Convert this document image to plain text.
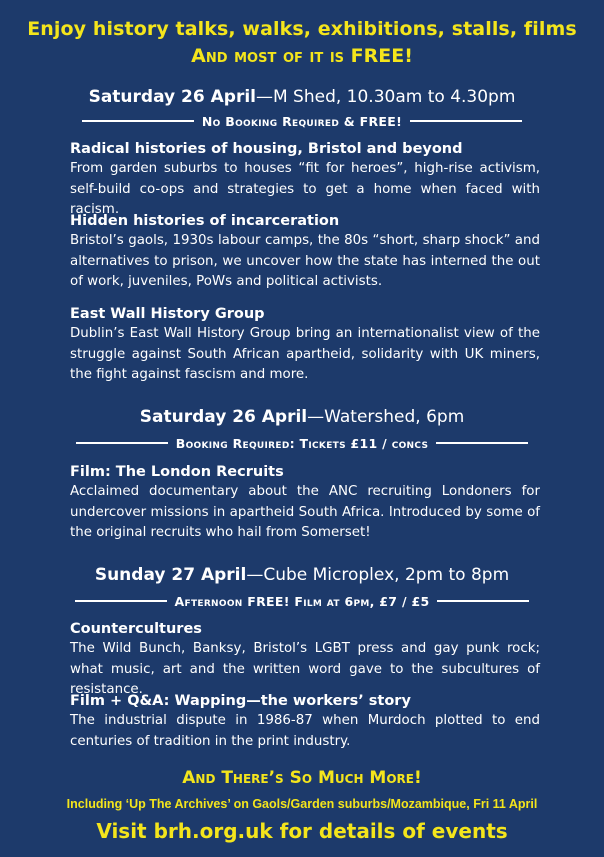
Enjoy history talks, walks, exhibitions, stalls, films
And most of it is FREE!
Saturday 26 April—M Shed, 10.30am to 4.30pm
No Booking Required & FREE!
Radical histories of housing, Bristol and beyond
From garden suburbs to houses “fit for heroes”, high-rise activism, self-build co-ops and strategies to get a home when faced with racism.
Hidden histories of incarceration
Bristol’s gaols, 1930s labour camps, the 80s “short, sharp shock” and alternatives to prison, we uncover how the state has interned the out of work, juveniles, PoWs and political activists.
East Wall History Group
Dublin’s East Wall History Group bring an internationalist view of the struggle against South African apartheid, solidarity with UK miners, the fight against fascism and more.
Saturday 26 April—Watershed, 6pm
Booking Required: Tickets £11 / concs
Film: The London Recruits
Acclaimed documentary about the ANC recruiting Londoners for undercover missions in apartheid South Africa. Introduced by some of the original recruits who hail from Somerset!
Sunday 27 April—Cube Microplex, 2pm to 8pm
Afternoon FREE! Film at 6pm, £7 / £5
Countercultures
The Wild Bunch, Banksy, Bristol’s LGBT press and gay punk rock; what music, art and the written word gave to the subcultures of resistance.
Film + Q&A: Wapping—the workers’ story
The industrial dispute in 1986-87 when Murdoch plotted to end centuries of tradition in the print industry.
And There’s So Much More!
Including ‘Up The Archives’ on Gaols/Garden suburbs/Mozambique, Fri 11 April
Visit brh.org.uk for details of events
